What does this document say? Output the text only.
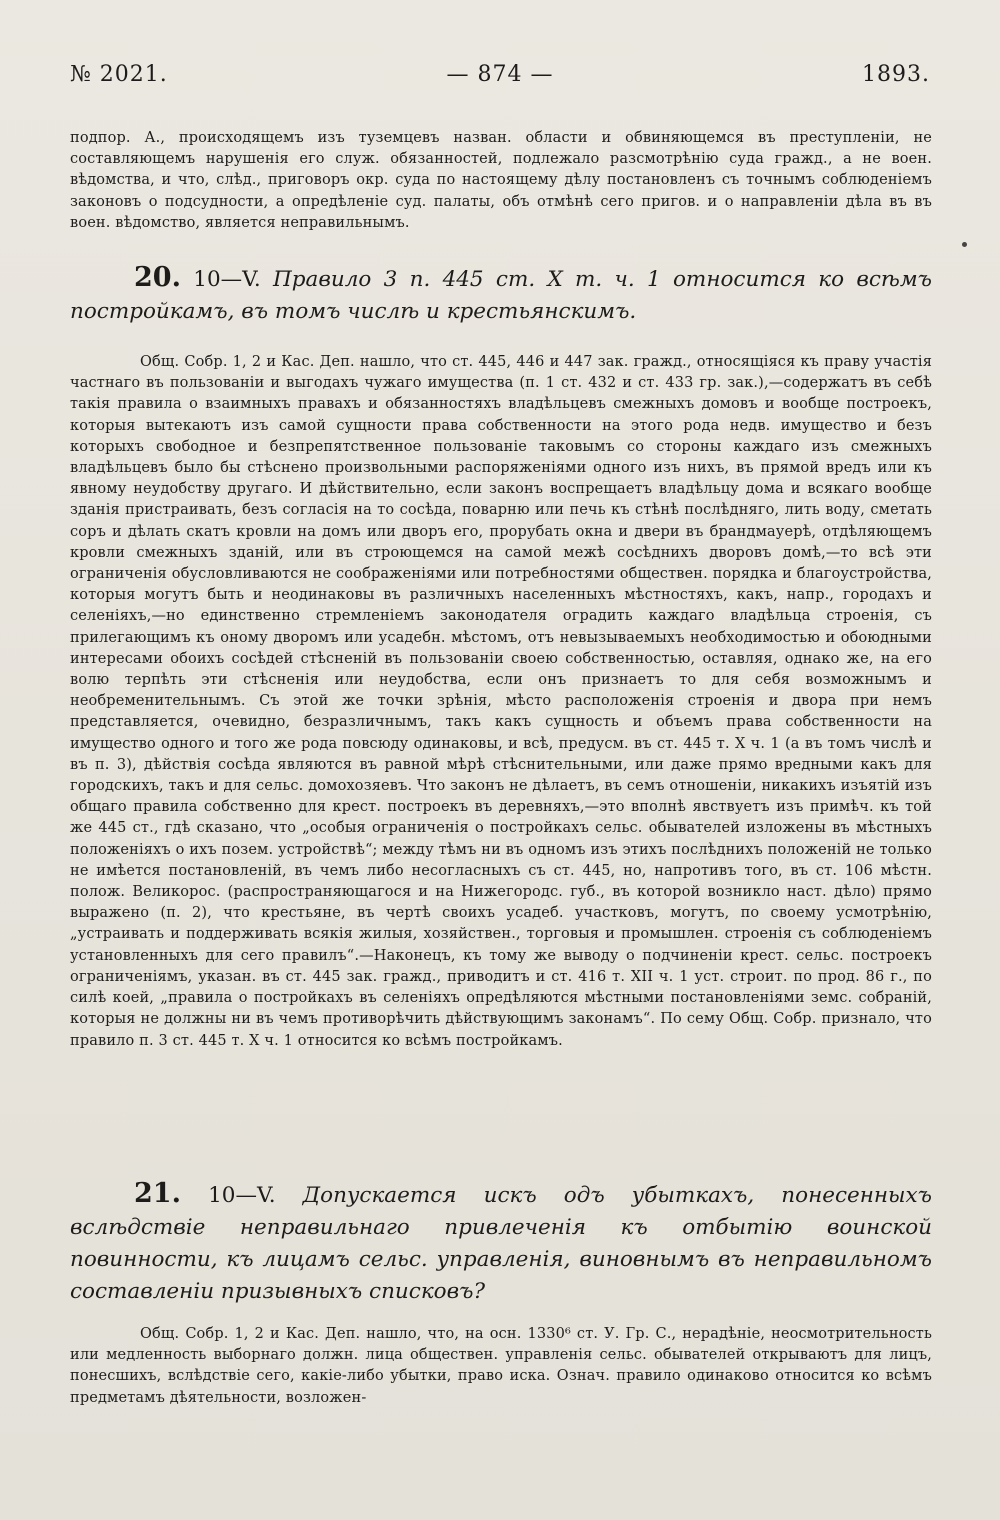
№ 2021.	— 874 —	1893.

подпор. А., происходящемъ изъ туземцевъ назван. области и обвиняющемся въ преступленіи, не составляющемъ нарушенія его служ. обязанностей, подлежало разсмотрѣнію суда гражд., а не воен. вѣдомства, и что, слѣд., приговоръ окр. суда по настоящему дѣлу постановленъ съ точнымъ соблюденіемъ законовъ о подсудности, а опредѣленіе суд. палаты, объ отмѣнѣ сего пригов. и о направленіи дѣла въ въ воен. вѣдомство, является неправильнымъ.

20. 10—V. Правило 3 п. 445 ст. X т. ч. 1 относится ко всѣмъ постройкамъ, въ томъ числѣ и крестьянскимъ.

Общ. Собр. 1, 2 и Кас. Деп. нашло, что ст. 445, 446 и 447 зак. гражд., относящіяся къ праву участія частнаго въ пользованіи и выгодахъ чужаго имущества (п. 1 ст. 432 и ст. 433 гр. зак.),—содержатъ въ себѣ такія правила о взаимныхъ правахъ и обязанностяхъ владѣльцевъ смежныхъ домовъ и вообще построекъ, которыя вытекаютъ изъ самой сущности права собственности на этого рода недв. имущество и безъ которыхъ свободное и безпрепятственное пользованіе таковымъ со стороны каждаго изъ смежныхъ владѣльцевъ было бы стѣснено произвольными распоряженіями одного изъ нихъ, въ прямой вредъ или къ явному неудобству другаго. И дѣйствительно, если законъ воспрещаетъ владѣльцу дома и всякаго вообще зданія пристраивать, безъ согласія на то сосѣда, поварню или печь къ стѣнѣ послѣдняго, лить воду, сметать соръ и дѣлать скатъ кровли на домъ или дворъ его, прорубать окна и двери въ брандмауерѣ, отдѣляющемъ кровли смежныхъ зданій, или въ строющемся на самой межѣ сосѣднихъ дворовъ домѣ,—то всѣ эти ограниченія обусловливаются не соображеніями или потребностями обществен. порядка и благоустройства, которыя могутъ быть и неодинаковы въ различныхъ населенныхъ мѣстностяхъ, какъ, напр., городахъ и селеніяхъ,—но единственно стремленіемъ законодателя оградить каждаго владѣльца строенія, съ прилегающимъ къ оному дворомъ или усадебн. мѣстомъ, отъ невызываемыхъ необходимостью и обоюдными интересами обоихъ сосѣдей стѣсненій въ пользованіи своею собственностью, оставляя, однако же, на его волю терпѣть эти стѣсненія или неудобства, если онъ признаетъ то для себя возможнымъ и необременительнымъ. Съ этой же точки зрѣнія, мѣсто расположенія строенія и двора при немъ представляется, очевидно, безразличнымъ, такъ какъ сущность и объемъ права собственности на имущество одного и того же рода повсюду одинаковы, и всѣ, предусм. въ ст. 445 т. X ч. 1 (а въ томъ числѣ и въ п. 3), дѣйствія сосѣда являются въ равной мѣрѣ стѣснительными, или даже прямо вредными какъ для городскихъ, такъ и для сельс. домохозяевъ. Что законъ не дѣлаетъ, въ семъ отношеніи, никакихъ изъятій изъ общаго правила собственно для крест. построекъ въ деревняхъ,—это вполнѣ явствуетъ изъ примѣч. къ той же 445 ст., гдѣ сказано, что „особыя ограниченія о постройкахъ сельс. обывателей изложены въ мѣстныхъ положеніяхъ о ихъ позем. устройствѣ“; между тѣмъ ни въ одномъ изъ этихъ послѣднихъ положеній не только не имѣется постановленій, въ чемъ либо несогласныхъ съ ст. 445, но, напротивъ того, въ ст. 106 мѣстн. полож. Великорос. (распространяющагося и на Нижегородс. губ., въ которой возникло наст. дѣло) прямо выражено (п. 2), что крестьяне, въ чертѣ своихъ усадеб. участковъ, могутъ, по своему усмотрѣнію, „устраивать и поддерживать всякія жилыя, хозяйствен., торговыя и промышлен. строенія съ соблюденіемъ установленныхъ для сего правилъ“.—Наконецъ, къ тому же выводу о подчиненіи крест. сельс. построекъ ограниченіямъ, указан. въ ст. 445 зак. гражд., приводитъ и ст. 416 т. XII ч. 1 уст. строит. по прод. 86 г., по силѣ коей, „правила о постройкахъ въ селеніяхъ опредѣляются мѣстными постановленіями земс. собраній, которыя не должны ни въ чемъ противорѣчить дѣйствующимъ законамъ“. По сему Общ. Собр. признало, что правило п. 3 ст. 445 т. X ч. 1 относится ко всѣмъ постройкамъ.

21. 10—V. Допускается искъ одъ убыткахъ, понесенныхъ вслѣдствіе неправильнаго привлеченія къ отбытію воинской повинности, къ лицамъ сельс. управленія, виновнымъ въ неправильномъ составленіи призывныхъ списковъ?

Общ. Собр. 1, 2 и Кас. Деп. нашло, что, на осн. 1330⁶ ст. У. Гр. С., нерадѣніе, неосмотрительность или медленность выборнаго должн. лица обществен. управленія сельс. обывателей открываютъ для лицъ, понесшихъ, вслѣдствіе сего, какіе-либо убытки, право иска. Означ. правило одинаково относится ко всѣмъ предметамъ дѣятельности, возложен-
